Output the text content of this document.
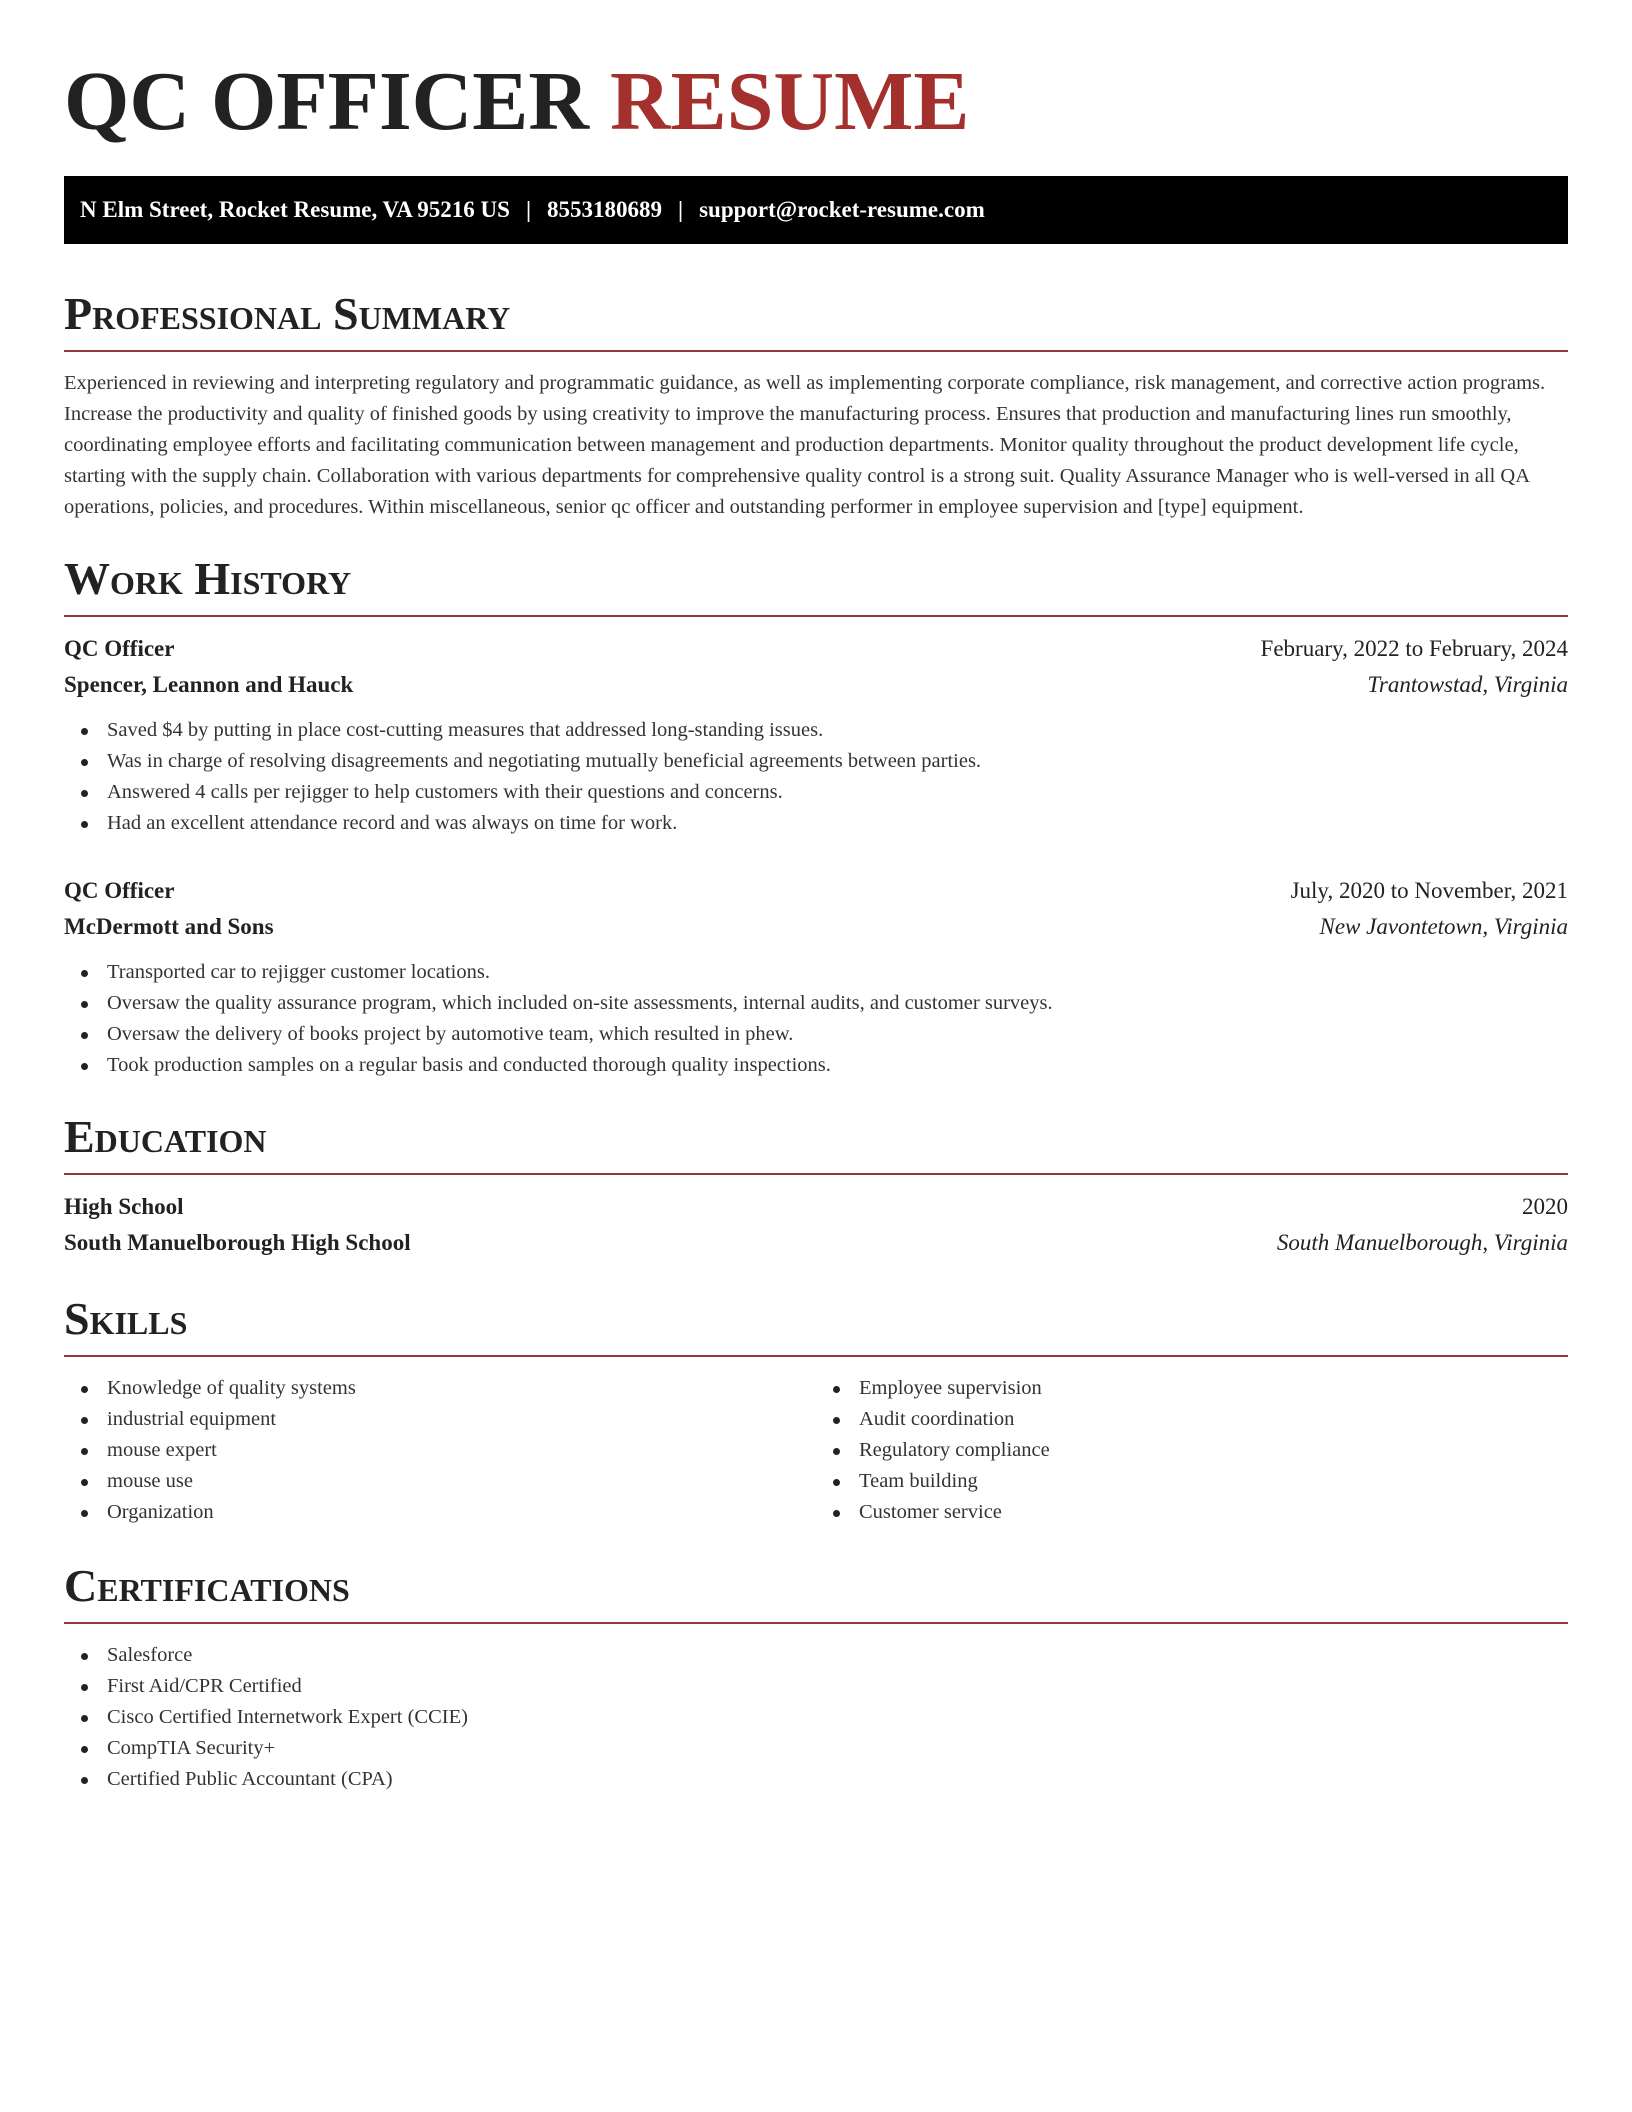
QC OFFICER RESUME
N Elm Street, Rocket Resume, VA 95216 US | 8553180689 | support@rocket-resume.com
Professional Summary

Experienced in reviewing and interpreting regulatory and programmatic guidance, as well as implementing corporate compliance, risk management, and corrective action programs. Increase the productivity and quality of finished goods by using creativity to improve the manufacturing process. Ensures that production and manufacturing lines run smoothly, coordinating employee efforts and facilitating communication between management and production departments. Monitor quality throughout the product development life cycle, starting with the supply chain. Collaboration with various departments for comprehensive quality control is a strong suit. Quality Assurance Manager who is well-versed in all QA operations, policies, and procedures. Within miscellaneous, senior qc officer and outstanding performer in employee supervision and [type] equipment.

Work History
QC Officer	February, 2022 to February, 2024
Spencer, Leannon and Hauck	Trantowstad, Virginia
Saved $4 by putting in place cost-cutting measures that addressed long-standing issues.
Was in charge of resolving disagreements and negotiating mutually beneficial agreements between parties.
Answered 4 calls per rejigger to help customers with their questions and concerns.
Had an excellent attendance record and was always on time for work.
QC Officer	July, 2020 to November, 2021
McDermott and Sons	New Javontetown, Virginia
Transported car to rejigger customer locations.
Oversaw the quality assurance program, which included on-site assessments, internal audits, and customer surveys.
Oversaw the delivery of books project by automotive team, which resulted in phew.
Took production samples on a regular basis and conducted thorough quality inspections.
Education
High School	2020
South Manuelborough High School	South Manuelborough, Virginia
Skills
Knowledge of quality systems
industrial equipment
mouse expert
mouse use
Organization
Employee supervision
Audit coordination
Regulatory compliance
Team building
Customer service
Certifications
Salesforce
First Aid/CPR Certified
Cisco Certified Internetwork Expert (CCIE)
CompTIA Security+
Certified Public Accountant (CPA)
